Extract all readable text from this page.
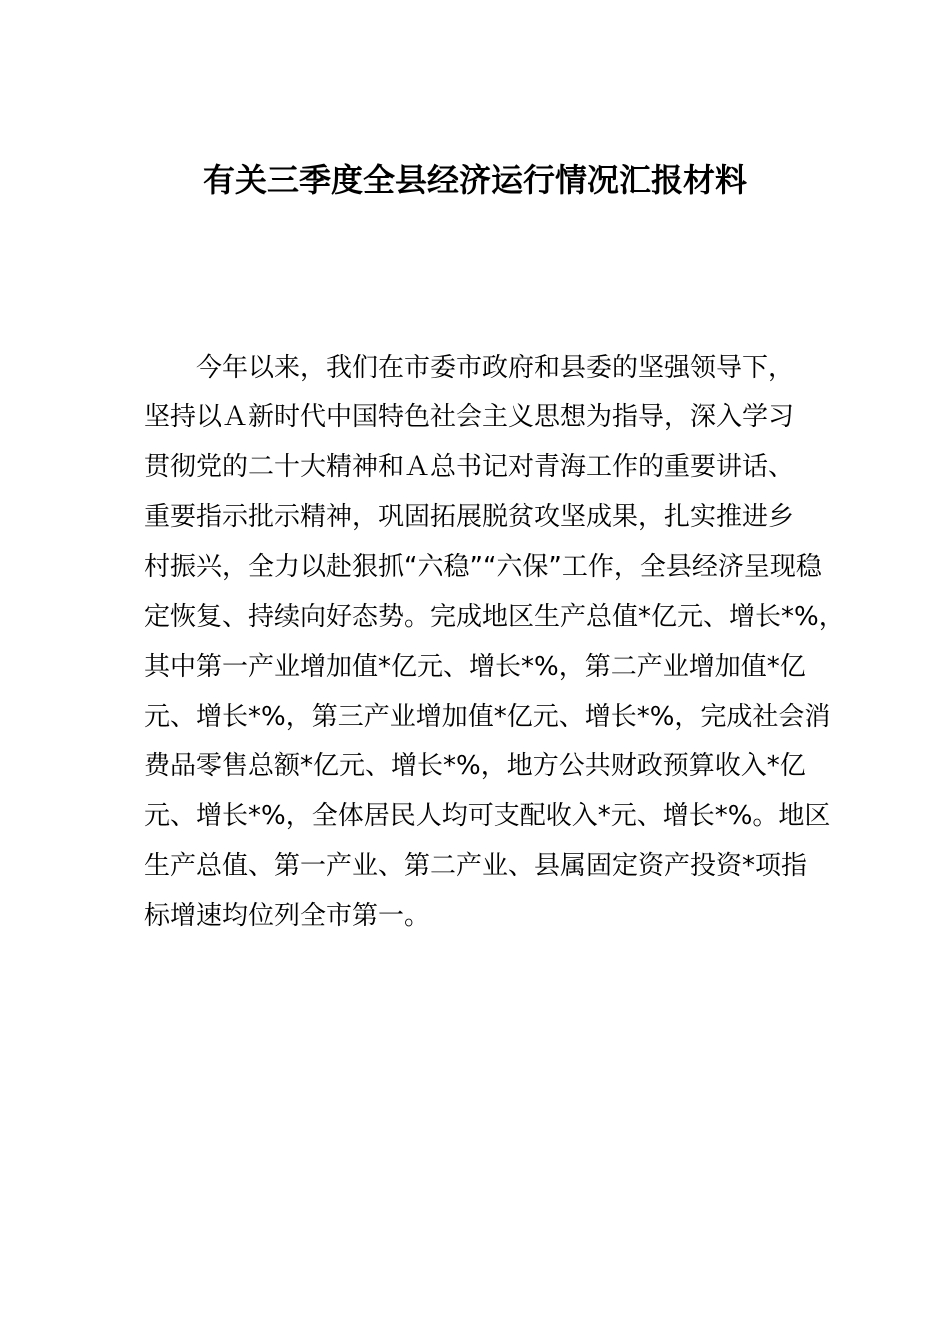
有关三季度全县经济运行情况汇报材料
今年以来，我们在市委市政府和县委的坚强领导下，
坚持以Ａ新时代中国特色社会主义思想为指导，深入学习
贯彻党的二十大精神和Ａ总书记对青海工作的重要讲话、
重要指示批示精神，巩固拓展脱贫攻坚成果，扎实推进乡
村振兴，全力以赴狠抓“六稳”“六保”工作，全县经济呈现稳
定恢复、持续向好态势。完成地区生产总值*亿元、增长*%，
其中第一产业增加值*亿元、增长*%，第二产业增加值*亿
元、增长*%，第三产业增加值*亿元、增长*%，完成社会消
费品零售总额*亿元、增长*%，地方公共财政预算收入*亿
元、增长*%，全体居民人均可支配收入*元、增长*%。地区
生产总值、第一产业、第二产业、县属固定资产投资*项指
标增速均位列全市第一。
